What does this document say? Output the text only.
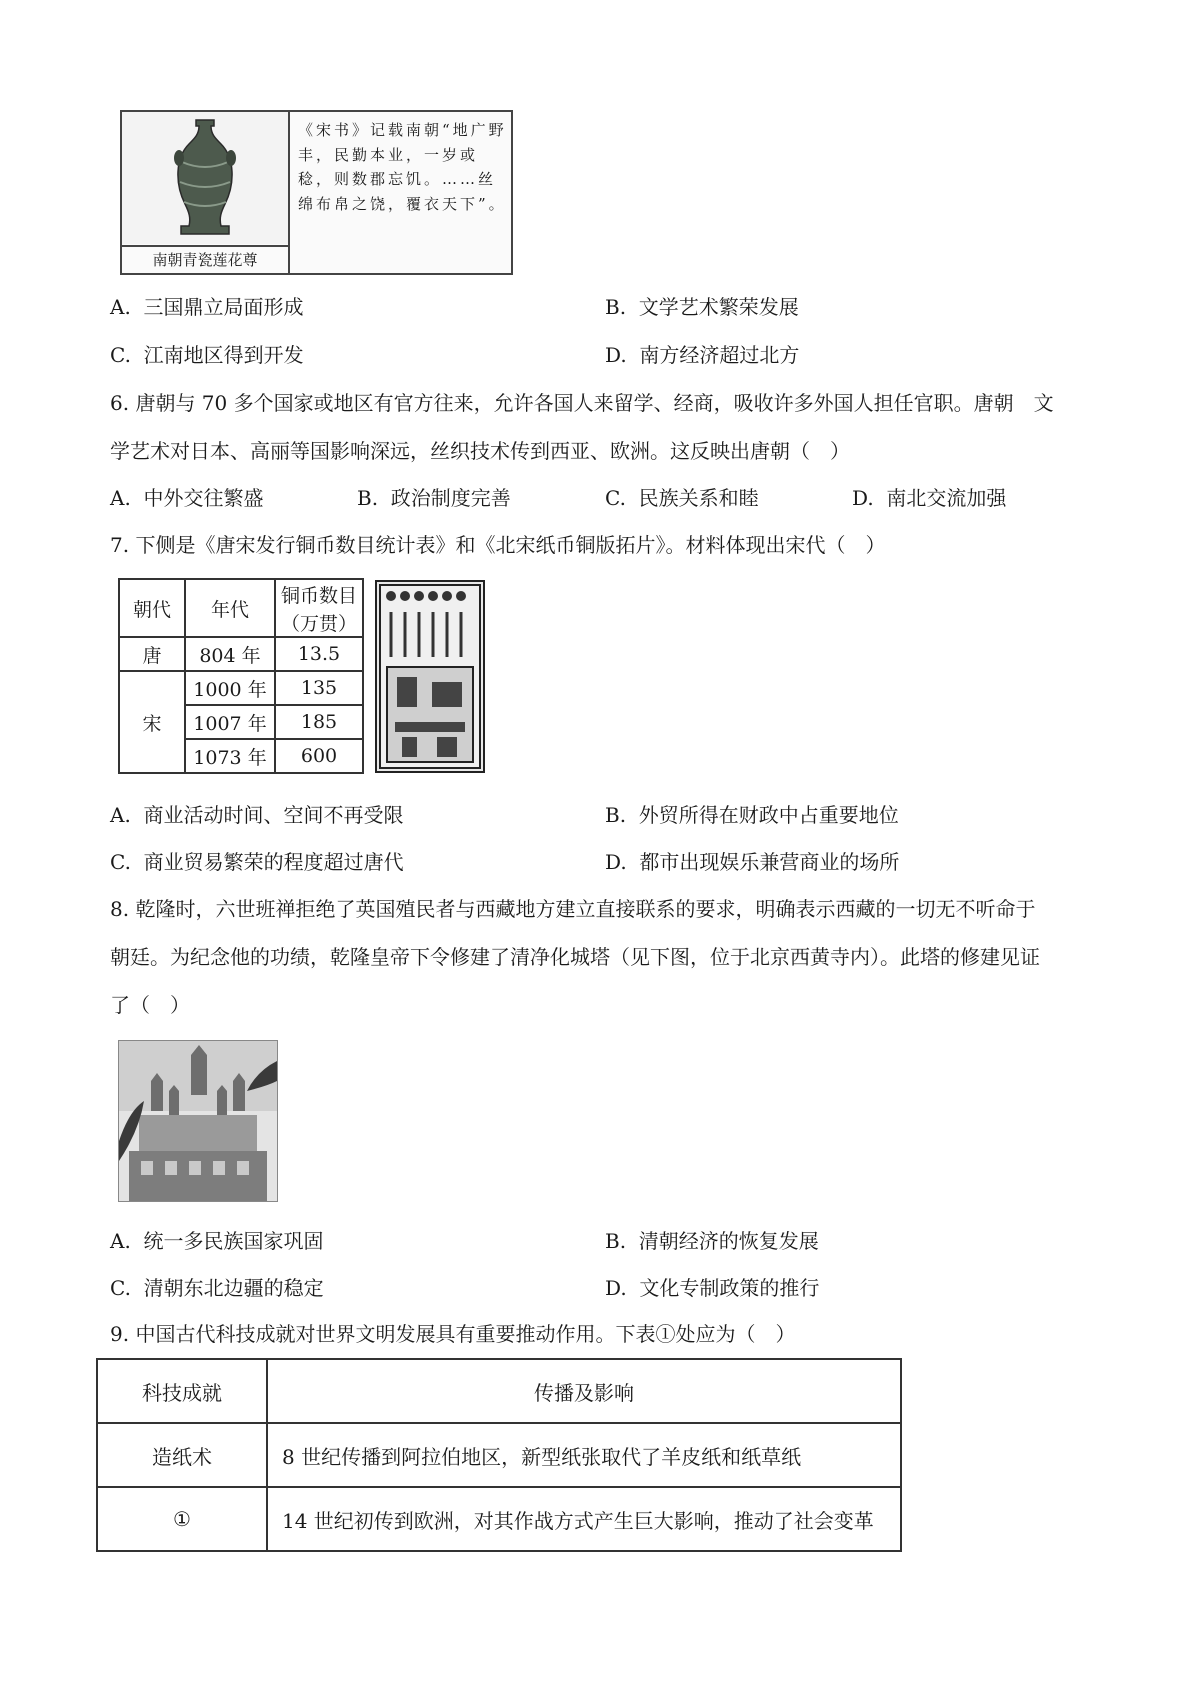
南朝青瓷莲花尊
《宋书》记载南朝“地广野丰，民勤本业，一岁或稔，则数郡忘饥。……丝绵布帛之饶，覆衣天下”。
A. 三国鼎立局面形成	B. 文学艺术繁荣发展
C. 江南地区得到开发	D. 南方经济超过北方
6. 唐朝与 70 多个国家或地区有官方往来，允许各国人来留学、经商，吸收许多外国人担任官职。唐朝　文
学艺术对日本、高丽等国影响深远，丝织技术传到西亚、欧洲。这反映出唐朝（　）
A. 中外交往繁盛	B. 政治制度完善	C. 民族关系和睦	D. 南北交流加强
7. 下侧是《唐宋发行铜币数目统计表》和《北宋纸币铜版拓片》。材料体现出宋代（　）
朝代	年代	铜币数目
		（万贯）
唐	804 年	13.5
宋	1000 年	135
	1007 年	185
	1073 年	600
A. 商业活动时间、空间不再受限	B. 外贸所得在财政中占重要地位
C. 商业贸易繁荣的程度超过唐代	D. 都市出现娱乐兼营商业的场所
8. 乾隆时，六世班禅拒绝了英国殖民者与西藏地方建立直接联系的要求，明确表示西藏的一切无不听命于
朝廷。为纪念他的功绩，乾隆皇帝下令修建了清净化城塔（见下图，位于北京西黄寺内）。此塔的修建见证
了（　）
A. 统一多民族国家巩固	B. 清朝经济的恢复发展
C. 清朝东北边疆的稳定	D. 文化专制政策的推行
9. 中国古代科技成就对世界文明发展具有重要推动作用。下表①处应为（　）
科技成就	传播及影响
造纸术	8 世纪传播到阿拉伯地区，新型纸张取代了羊皮纸和纸草纸
①	14 世纪初传到欧洲，对其作战方式产生巨大影响，推动了社会变革
